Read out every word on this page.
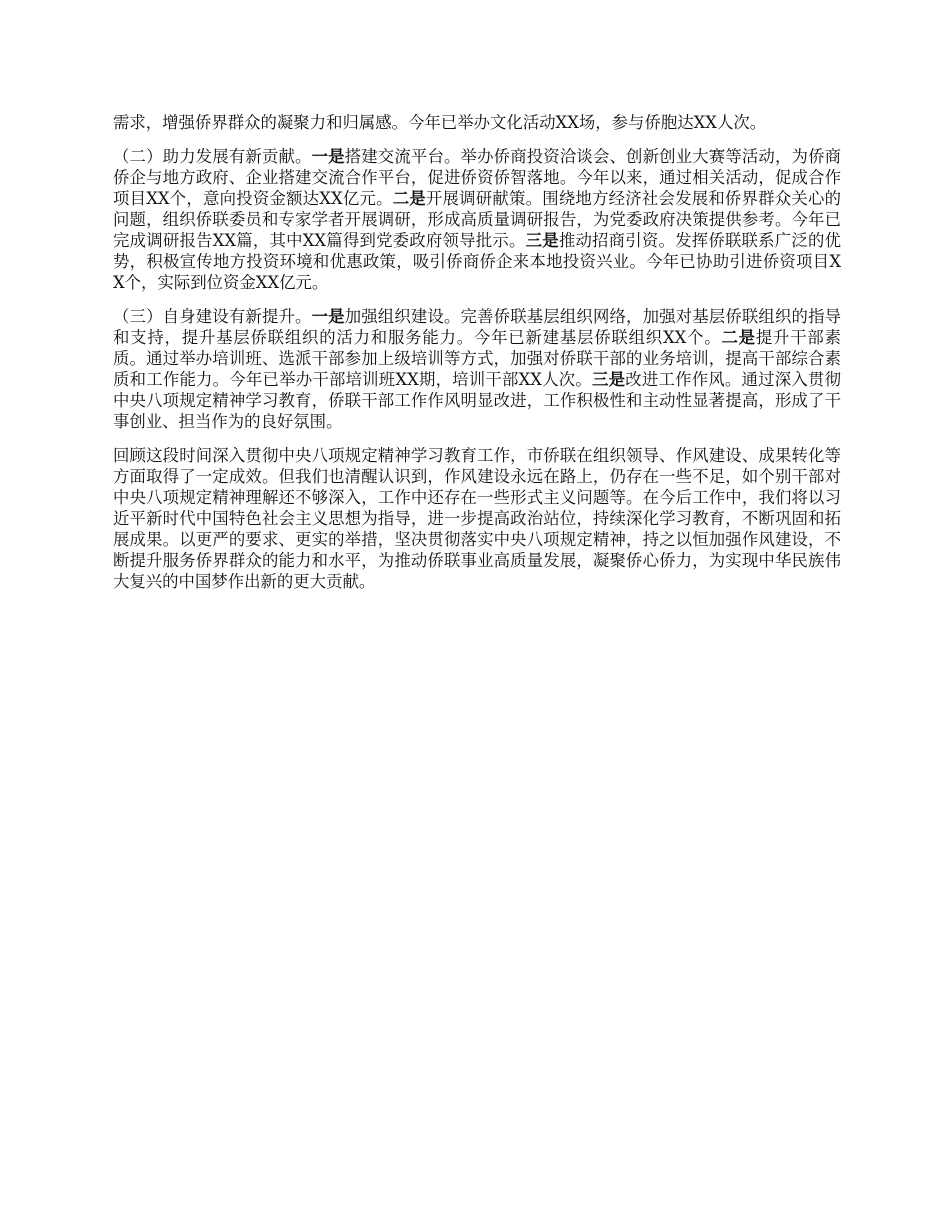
需求，增强侨界群众的凝聚力和归属感。今年已举办文化活动XX场，参与侨胞达XX人次。

（二）助力发展有新贡献。一是搭建交流平台。举办侨商投资洽谈会、创新创业大赛等活动，为侨商侨企与地方政府、企业搭建交流合作平台，促进侨资侨智落地。今年以来，通过相关活动，促成合作项目XX个，意向投资金额达XX亿元。二是开展调研献策。围绕地方经济社会发展和侨界群众关心的问题，组织侨联委员和专家学者开展调研，形成高质量调研报告，为党委政府决策提供参考。今年已完成调研报告XX篇，其中XX篇得到党委政府领导批示。三是推动招商引资。发挥侨联联系广泛的优势，积极宣传地方投资环境和优惠政策，吸引侨商侨企来本地投资兴业。今年已协助引进侨资项目XX个，实际到位资金XX亿元。

（三）自身建设有新提升。一是加强组织建设。完善侨联基层组织网络，加强对基层侨联组织的指导和支持，提升基层侨联组织的活力和服务能力。今年已新建基层侨联组织XX个。二是提升干部素质。通过举办培训班、选派干部参加上级培训等方式，加强对侨联干部的业务培训，提高干部综合素质和工作能力。今年已举办干部培训班XX期，培训干部XX人次。三是改进工作作风。通过深入贯彻中央八项规定精神学习教育，侨联干部工作作风明显改进，工作积极性和主动性显著提高，形成了干事创业、担当作为的良好氛围。

回顾这段时间深入贯彻中央八项规定精神学习教育工作，市侨联在组织领导、作风建设、成果转化等方面取得了一定成效。但我们也清醒认识到，作风建设永远在路上，仍存在一些不足，如个别干部对中央八项规定精神理解还不够深入，工作中还存在一些形式主义问题等。在今后工作中，我们将以习近平新时代中国特色社会主义思想为指导，进一步提高政治站位，持续深化学习教育，不断巩固和拓展成果。以更严的要求、更实的举措，坚决贯彻落实中央八项规定精神，持之以恒加强作风建设，不断提升服务侨界群众的能力和水平，为推动侨联事业高质量发展，凝聚侨心侨力，为实现中华民族伟大复兴的中国梦作出新的更大贡献。
